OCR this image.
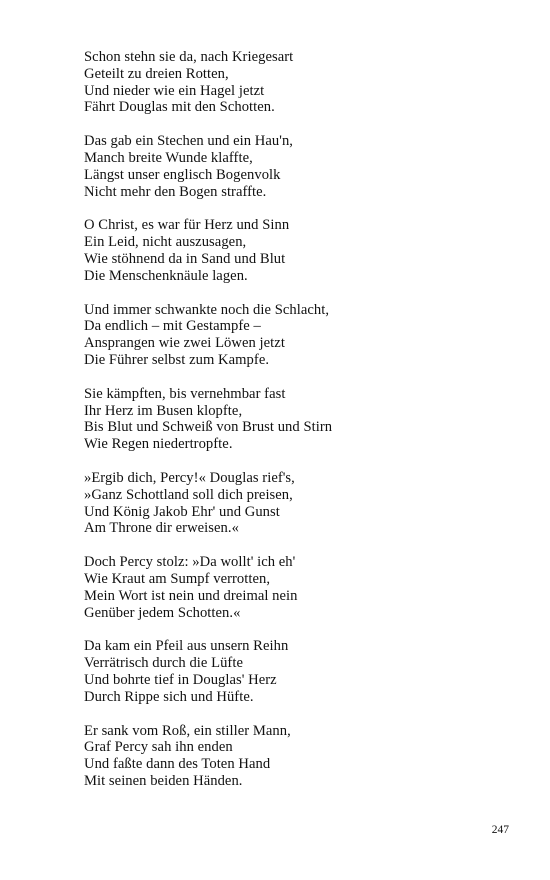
Schon stehn sie da, nach Kriegesart
Geteilt zu dreien Rotten,
Und nieder wie ein Hagel jetzt
Fährt Douglas mit den Schotten.
Das gab ein Stechen und ein Hau'n,
Manch breite Wunde klaffte,
Längst unser englisch Bogenvolk
Nicht mehr den Bogen straffte.
O Christ, es war für Herz und Sinn
Ein Leid, nicht auszusagen,
Wie stöhnend da in Sand und Blut
Die Menschenknäule lagen.
Und immer schwankte noch die Schlacht,
Da endlich – mit Gestampfe –
Ansprangen wie zwei Löwen jetzt
Die Führer selbst zum Kampfe.
Sie kämpften, bis vernehmbar fast
Ihr Herz im Busen klopfte,
Bis Blut und Schweiß von Brust und Stirn
Wie Regen niedertropfte.
»Ergib dich, Percy!« Douglas rief's,
»Ganz Schottland soll dich preisen,
Und König Jakob Ehr' und Gunst
Am Throne dir erweisen.«
Doch Percy stolz: »Da wollt' ich eh'
Wie Kraut am Sumpf verrotten,
Mein Wort ist nein und dreimal nein
Genüber jedem Schotten.«
Da kam ein Pfeil aus unsern Reihn
Verrätrisch durch die Lüfte
Und bohrte tief in Douglas' Herz
Durch Rippe sich und Hüfte.
Er sank vom Roß, ein stiller Mann,
Graf Percy sah ihn enden
Und faßte dann des Toten Hand
Mit seinen beiden Händen.
247
